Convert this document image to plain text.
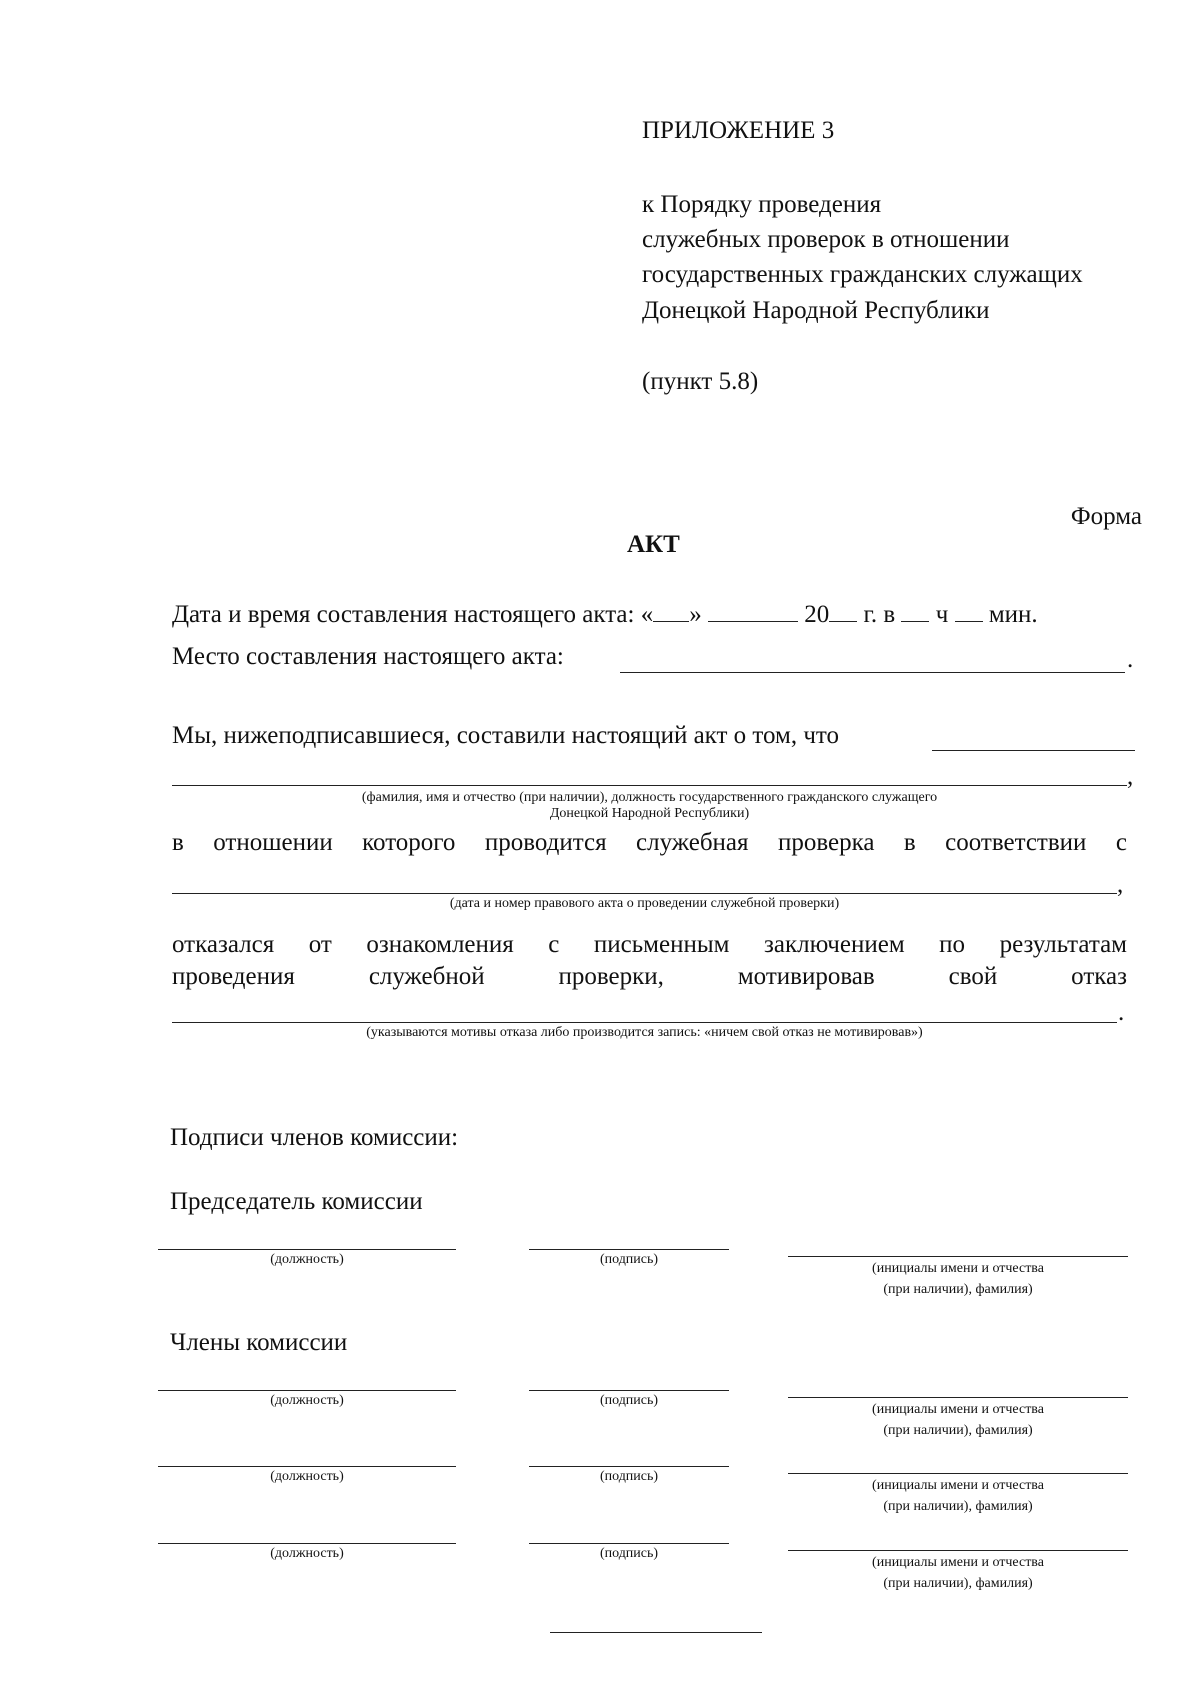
ПРИЛОЖЕНИЕ 3
к Порядку проведения
служебных проверок в отношении
государственных гражданских служащих
Донецкой Народной Республики
(пункт 5.8)
Форма
АКТ
Дата и время составления настоящего акта: « »	20 г. в ч мин.
Место составления настоящего акта:	.
Мы, нижеподписавшиеся, составили настоящий акт о том, что
,
(фамилия, имя и отчество (при наличии), должность государственного гражданского служащего
Донецкой Народной Республики)
в отношении которого проводится служебная проверка в соответствии с
,
(дата и номер правового акта о проведении служебной проверки)
отказался от ознакомления с письменным заключением по результатам
проведения	служебной	проверки,	мотивировав	свой	отказ
.
(указываются мотивы отказа либо производится запись: «ничем свой отказ не мотивировав»)
Подписи членов комиссии:
Председатель комиссии
(должность)	(подпись)
(инициалы имени и отчества
(при наличии), фамилия)
Члены комиссии
(должность)	(подпись)
(инициалы имени и отчества
(при наличии), фамилия)
(должность)	(подпись)
(инициалы имени и отчества
(при наличии), фамилия)
(должность)	(подпись)
(инициалы имени и отчества
(при наличии), фамилия)
